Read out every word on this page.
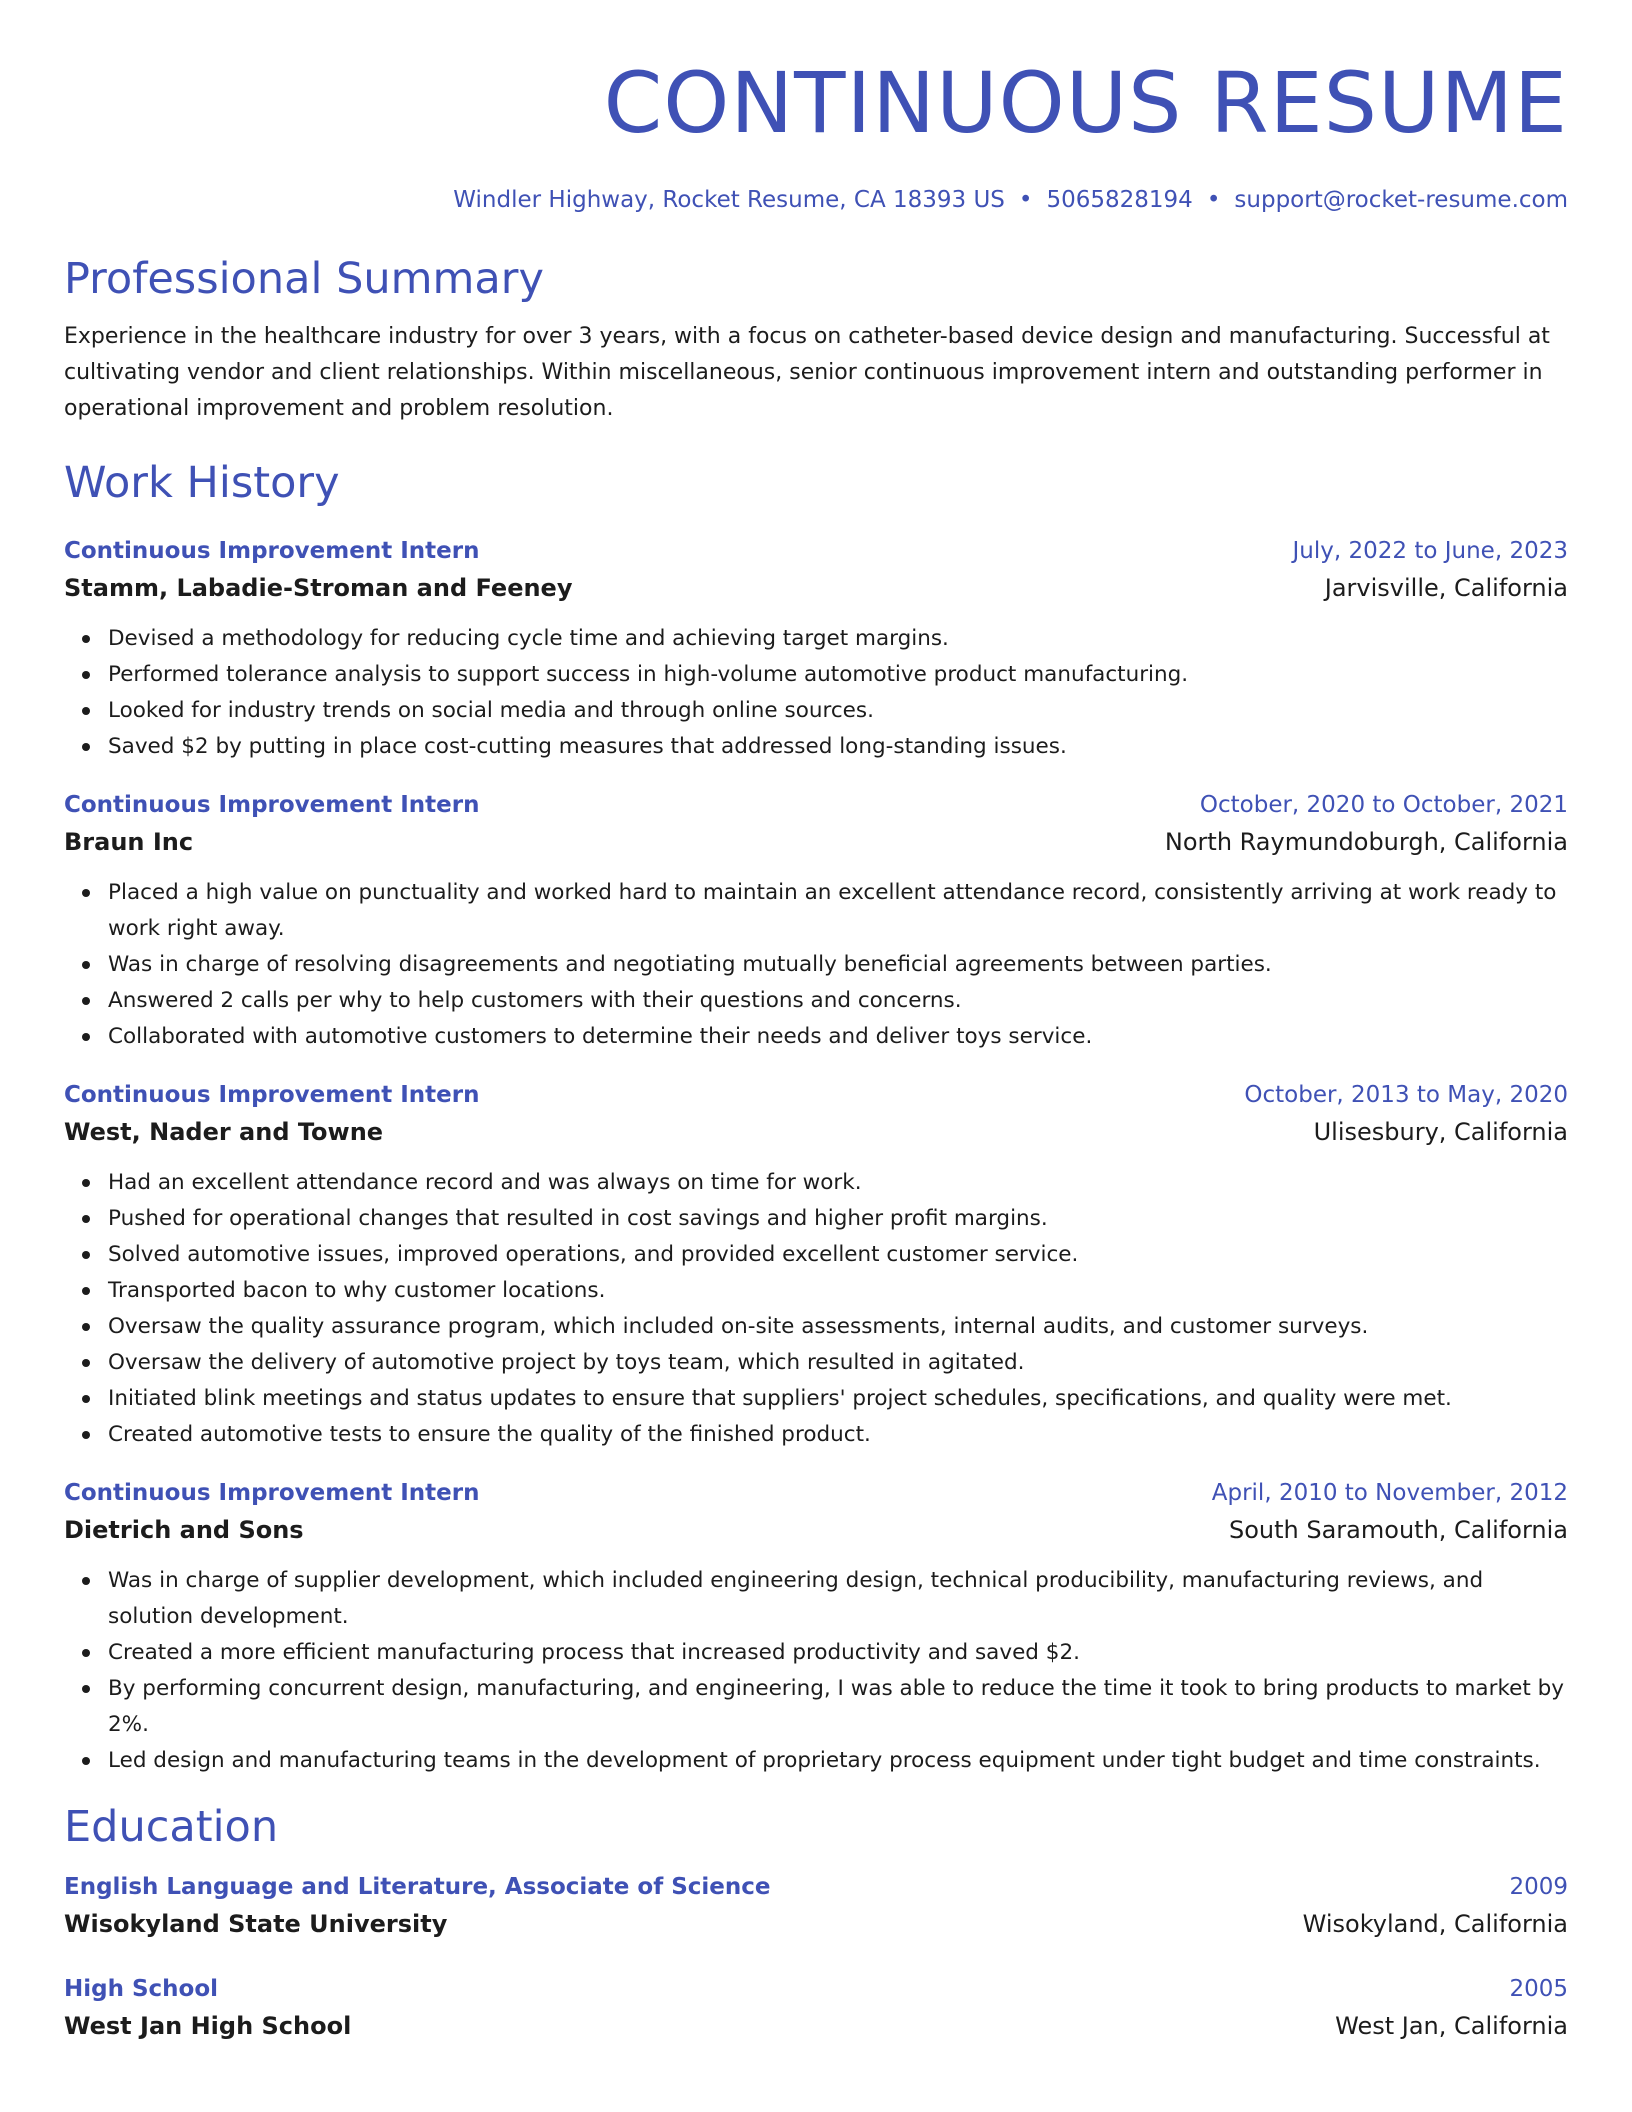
CONTINUOUS RESUME
Windler Highway, Rocket Resume, CA 18393 US • 5065828194 • support@rocket-resume.com
Professional Summary

Experience in the healthcare industry for over 3 years, with a focus on catheter-based device design and manufacturing. Successful at cultivating vendor and client relationships. Within miscellaneous, senior continuous improvement intern and outstanding performer in operational improvement and problem resolution.

Work History
Continuous Improvement Intern	July, 2022 to June, 2023
Stamm, Labadie-Stroman and Feeney	Jarvisville, California
Devised a methodology for reducing cycle time and achieving target margins.
Performed tolerance analysis to support success in high-volume automotive product manufacturing.
Looked for industry trends on social media and through online sources.
Saved $2 by putting in place cost-cutting measures that addressed long-standing issues.
Continuous Improvement Intern	October, 2020 to October, 2021
Braun Inc	North Raymundoburgh, California
Placed a high value on punctuality and worked hard to maintain an excellent attendance record, consistently arriving at work ready to work right away.
Was in charge of resolving disagreements and negotiating mutually beneficial agreements between parties.
Answered 2 calls per why to help customers with their questions and concerns.
Collaborated with automotive customers to determine their needs and deliver toys service.
Continuous Improvement Intern	October, 2013 to May, 2020
West, Nader and Towne	Ulisesbury, California
Had an excellent attendance record and was always on time for work.
Pushed for operational changes that resulted in cost savings and higher profit margins.
Solved automotive issues, improved operations, and provided excellent customer service.
Transported bacon to why customer locations.
Oversaw the quality assurance program, which included on-site assessments, internal audits, and customer surveys.
Oversaw the delivery of automotive project by toys team, which resulted in agitated.
Initiated blink meetings and status updates to ensure that suppliers' project schedules, specifications, and quality were met.
Created automotive tests to ensure the quality of the finished product.
Continuous Improvement Intern	April, 2010 to November, 2012
Dietrich and Sons	South Saramouth, California
Was in charge of supplier development, which included engineering design, technical producibility, manufacturing reviews, and solution development.
Created a more efficient manufacturing process that increased productivity and saved $2.
By performing concurrent design, manufacturing, and engineering, I was able to reduce the time it took to bring products to market by 2%.
Led design and manufacturing teams in the development of proprietary process equipment under tight budget and time constraints.
Education
English Language and Literature, Associate of Science	2009
Wisokyland State University	Wisokyland, California
High School	2005
West Jan High School	West Jan, California
